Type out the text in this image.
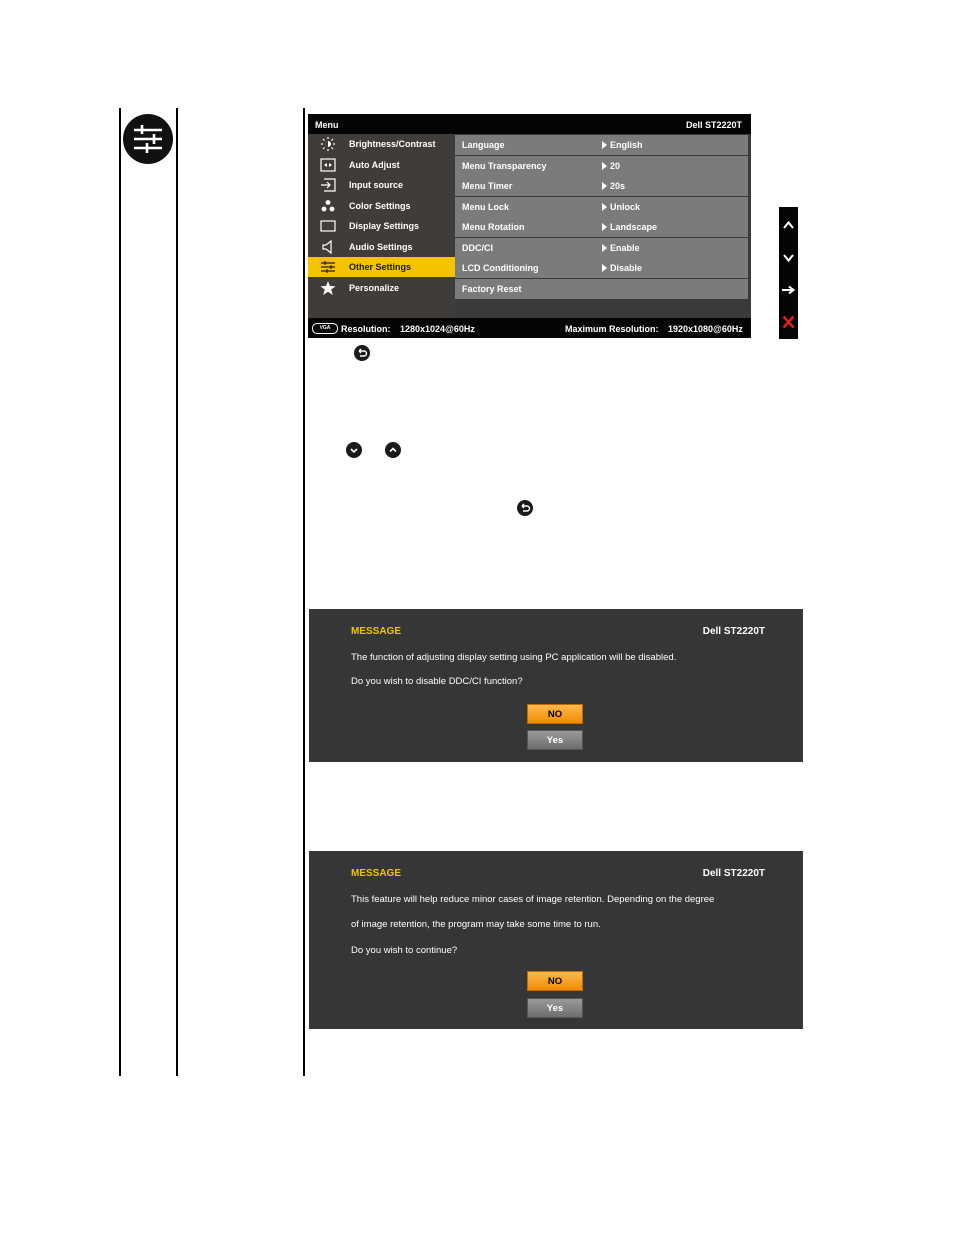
Menu	Dell ST2220T
Brightness/Contrast
Auto Adjust
Input source
Color Settings
Display Settings
Audio Settings
Other Settings
Personalize
Language	English
Menu Transparency	20
Menu Timer	20s
Menu Lock	Unlock
Menu Rotation	Landscape
DDC/CI	Enable
LCD Conditioning	Disable
Factory Reset
VGA	Resolution: 1280x1024@60Hz	Maximum Resolution: 1920x1080@60Hz
MESSAGE	Dell ST2220T
The function of adjusting display setting using PC application will be disabled.
Do you wish to disable DDC/CI function?
NO
Yes
MESSAGE	Dell ST2220T
This feature will help reduce minor cases of image retention. Depending on the degree
of image retention, the program may take some time to run.
Do you wish to continue?
NO
Yes
